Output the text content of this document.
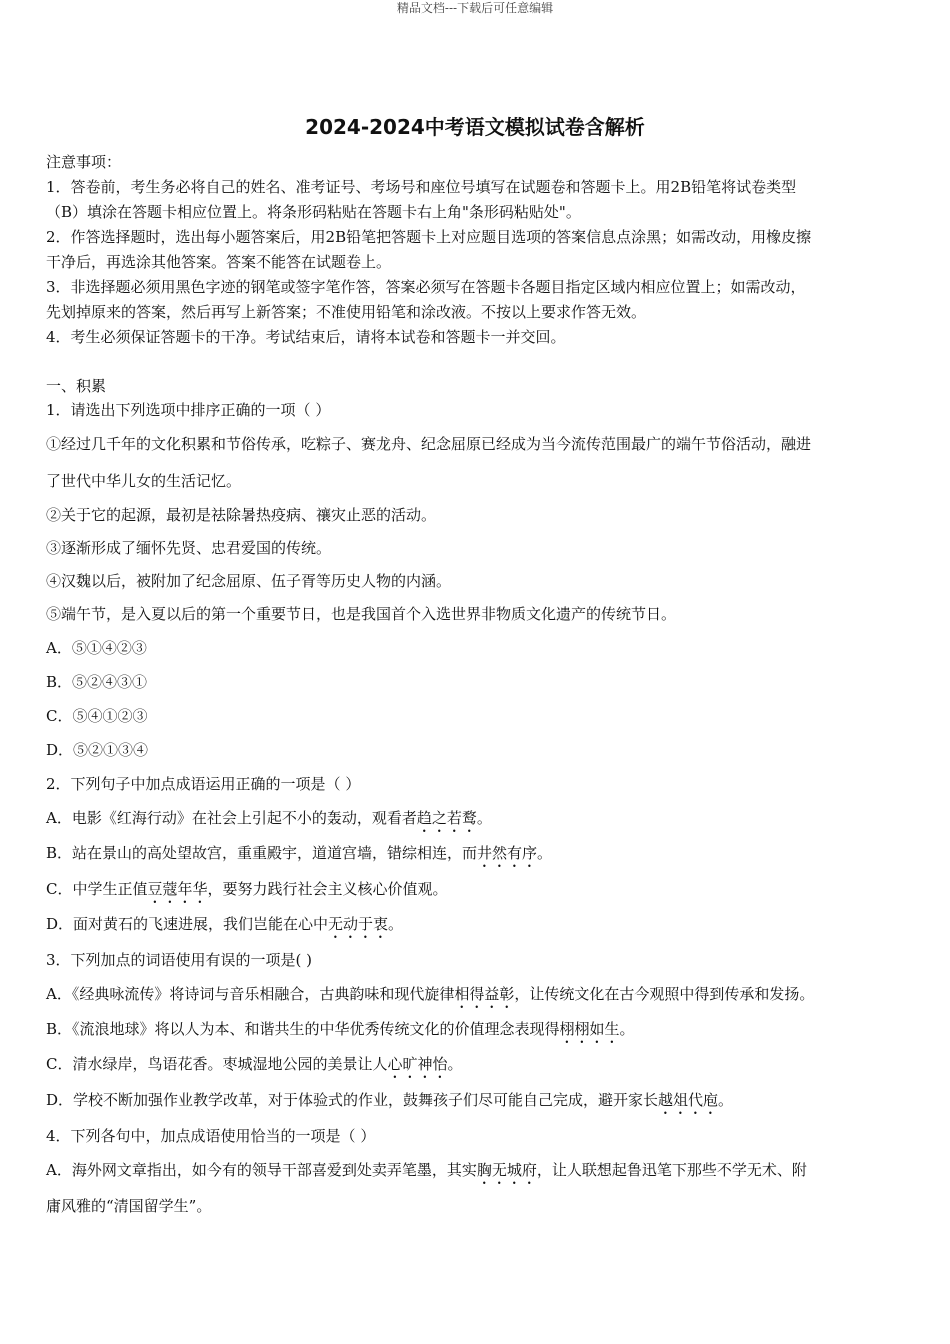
精品文档---下载后可任意编辑
2024-2024中考语文模拟试卷含解析
注意事项：
1．答卷前，考生务必将自己的姓名、准考证号、考场号和座位号填写在试题卷和答题卡上。用2B铅笔将试卷类型
（B）填涂在答题卡相应位置上。将条形码粘贴在答题卡右上角"条形码粘贴处"。
2．作答选择题时，选出每小题答案后，用2B铅笔把答题卡上对应题目选项的答案信息点涂黑；如需改动，用橡皮擦
干净后，再选涂其他答案。答案不能答在试题卷上。
3．非选择题必须用黑色字迹的钢笔或签字笔作答，答案必须写在答题卡各题目指定区域内相应位置上；如需改动，
先划掉原来的答案，然后再写上新答案；不准使用铅笔和涂改液。不按以上要求作答无效。
4．考生必须保证答题卡的干净。考试结束后，请将本试卷和答题卡一并交回。
一、积累
1．请选出下列选项中排序正确的一项（ ）
①经过几千年的文化积累和节俗传承，吃粽子、赛龙舟、纪念屈原已经成为当今流传范围最广的端午节俗活动，融进
了世代中华儿女的生活记忆。
②关于它的起源，最初是祛除暑热疫病、禳灾止恶的活动。
③逐渐形成了缅怀先贤、忠君爱国的传统。
④汉魏以后，被附加了纪念屈原、伍子胥等历史人物的内涵。
⑤端午节，是入夏以后的第一个重要节日，也是我国首个入选世界非物质文化遗产的传统节日。
A．⑤①④②③
B．⑤②④③①
C．⑤④①②③
D．⑤②①③④
2．下列句子中加点成语运用正确的一项是（ ）
A．电影《红海行动》在社会上引起不小的轰动，观看者趋之若鹜。
B．站在景山的高处望故宫，重重殿宇，道道宫墙，错综相连，而井然有序。
C．中学生正值豆蔻年华，要努力践行社会主义核心价值观。
D．面对黄石的飞速进展，我们岂能在心中无动于衷。
3．下列加点的词语使用有误的一项是( )
A．《经典咏流传》将诗词与音乐相融合，古典韵味和现代旋律相得益彰，让传统文化在古今观照中得到传承和发扬。
B．《流浪地球》将以人为本、和谐共生的中华优秀传统文化的价值理念表现得栩栩如生。
C．清水绿岸，鸟语花香。枣城湿地公园的美景让人心旷神怡。
D．学校不断加强作业教学改革，对于体验式的作业，鼓舞孩子们尽可能自己完成，避开家长越俎代庖。
4．下列各句中，加点成语使用恰当的一项是（ ）
A．海外网文章指出，如今有的领导干部喜爱到处卖弄笔墨，其实胸无城府，让人联想起鲁迅笔下那些不学无术、附
庸风雅的“清国留学生”。
